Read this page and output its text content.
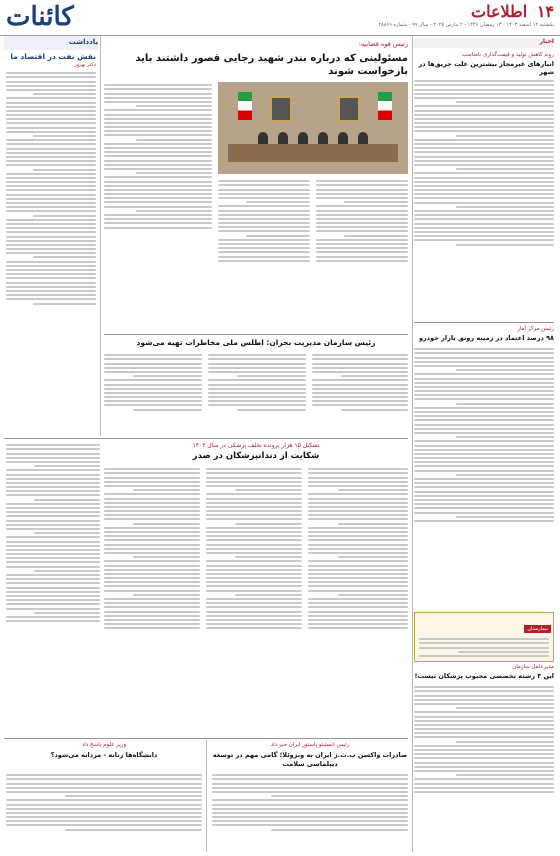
۱۴ اطلاعات
یکشنبه ۱۲ اسفند ۱۴۰۳ - ۱۳ رمضان ۱۴۴۶ - ۲ مارس ۲۰۲۵ - سال ۹۹ - شماره ۲۸۸۶۹
کائنات
یادداشت
نقش نفت در اقتصاد ما
دکتر بهروز
اخبار
روند کاهش تولید و قیمت‌گذاری نامناسب
انبارهای غیرمجاز بیشترین علت حریق‌ها در شهر
رئیس مرکز آمار
۹۸ درصد اعتماد در زمینه رونق بازار خودرو
بیمارستان
مدیرعامل سازمان
این ۳ رشته تخصصی محبوب پزشکان نیست!
رئیس قوه قضاییه:
مسئولینی که درباره بندر شهید رجایی قصور داشتند باید بازخواست شوند
رئیس سازمان مدیریت بحران: اطلس ملی مخاطرات تهیه می‌شود
تشکیل ۱۵ هزار پرونده تخلف پزشکی در سال ۱۴۰۳
شکایت از دندانپزشکان در صدر
رئیس انستیتو پاستور ایران خبر داد
صادرات واکسن ب.ث.ژ ایران به ونزوئلا؛ گامی مهم در توسعه دیپلماسی سلامت
وزیر علوم پاسخ داد
دانشگاه‌ها زنانه - مردانه می‌شود؟
